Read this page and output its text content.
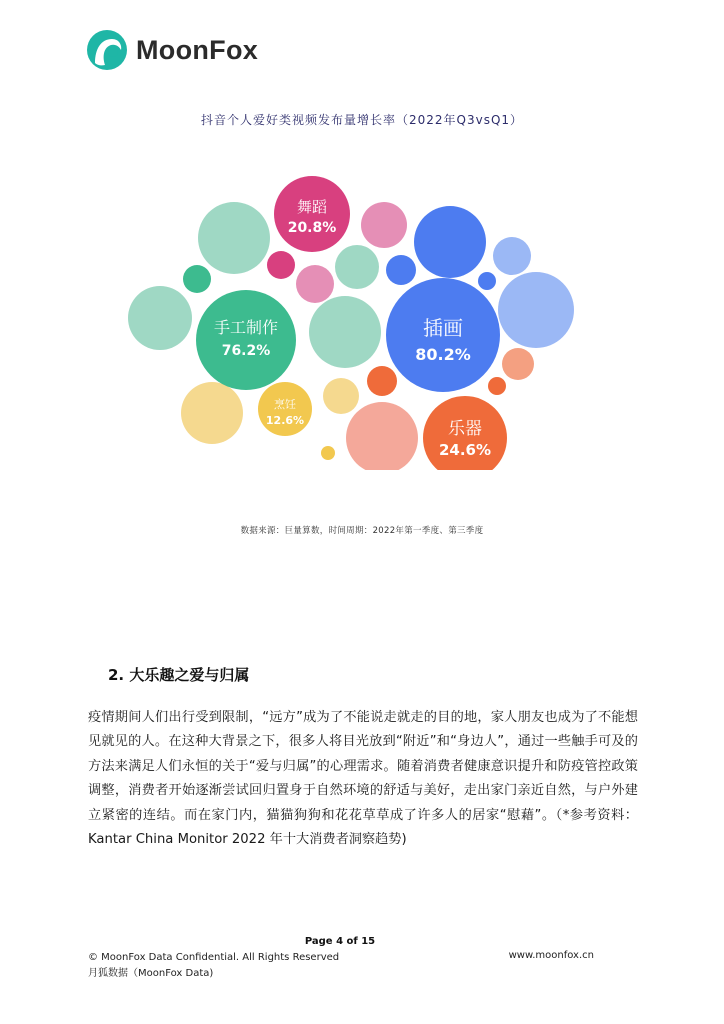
MoonFox
抖音个人爱好类视频发布量增长率（2022年Q3vsQ1）
插画
80.2%
手工制作
76.2%
乐器
24.6%
舞蹈
20.8%
烹饪
12.6%
数据来源：巨量算数，时间周期：2022年第一季度、第三季度
2. 大乐趣之爱与归属

疫情期间人们出行受到限制，“远方”成为了不能说走就走的目的地，家人朋友也成为了不能想见就见的人。在这种大背景之下，很多人将目光放到“附近”和“身边人”，通过一些触手可及的方法来满足人们永恒的关于“爱与归属”的心理需求。随着消费者健康意识提升和防疫管控政策调整，消费者开始逐渐尝试回归置身于自然环境的舒适与美好，走出家门亲近自然，与户外建立紧密的连结。而在家门内，猫猫狗狗和花花草草成了许多人的居家“慰藉”。（*参考资料：Kantar China Monitor 2022 年十大消费者洞察趋势)

Page 4 of 15
© MoonFox Data Confidential. All Rights Reserved
月狐数据（MoonFox Data)
www.moonfox.cn
